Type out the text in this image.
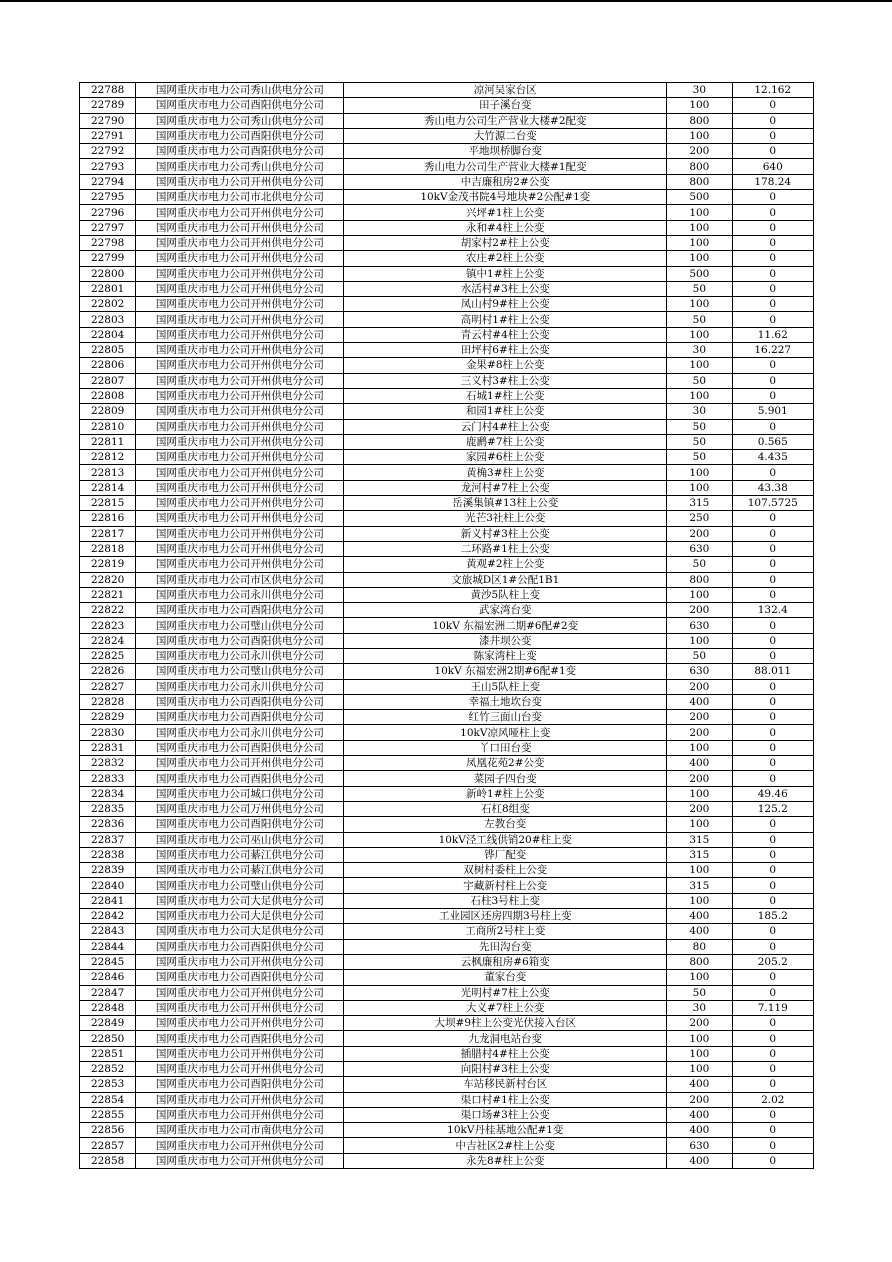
22788	国网重庆市电力公司秀山供电分公司	凉河吴家台区	30	12.162
22789	国网重庆市电力公司酉阳供电分公司	田子溪台变	100	0
22790	国网重庆市电力公司秀山供电分公司	秀山电力公司生产营业大楼#2配变	800	0
22791	国网重庆市电力公司酉阳供电分公司	大竹源二台变	100	0
22792	国网重庆市电力公司酉阳供电分公司	平地坝桥脚台变	200	0
22793	国网重庆市电力公司秀山供电分公司	秀山电力公司生产营业大楼#1配变	800	640
22794	国网重庆市电力公司开州供电分公司	中吉廉租房2#公变	800	178.24
22795	国网重庆市电力公司市北供电分公司	10kV金茂书院4号地块#2公配#1变	500	0
22796	国网重庆市电力公司开州供电分公司	兴坪#1柱上公变	100	0
22797	国网重庆市电力公司开州供电分公司	永和#4柱上公变	100	0
22798	国网重庆市电力公司开州供电分公司	胡家村2#柱上公变	100	0
22799	国网重庆市电力公司开州供电分公司	农庄#2柱上公变	100	0
22800	国网重庆市电力公司开州供电分公司	镇中1#柱上公变	500	0
22801	国网重庆市电力公司开州供电分公司	水活村#3柱上公变	50	0
22802	国网重庆市电力公司开州供电分公司	凤山村9#柱上公变	100	0
22803	国网重庆市电力公司开州供电分公司	高明村1#柱上公变	50	0
22804	国网重庆市电力公司开州供电分公司	青云村#4柱上公变	100	11.62
22805	国网重庆市电力公司开州供电分公司	田坪村6#柱上公变	30	16.227
22806	国网重庆市电力公司开州供电分公司	金果#8柱上公变	100	0
22807	国网重庆市电力公司开州供电分公司	三义村3#柱上公变	50	0
22808	国网重庆市电力公司开州供电分公司	石城1#柱上公变	100	0
22809	国网重庆市电力公司开州供电分公司	和园1#柱上公变	30	5.901
22810	国网重庆市电力公司开州供电分公司	云门村4#柱上公变	50	0
22811	国网重庆市电力公司开州供电分公司	鹿䴘#7柱上公变	50	0.565
22812	国网重庆市电力公司开州供电分公司	家园#6柱上公变	50	4.435
22813	国网重庆市电力公司开州供电分公司	黄桷3#柱上公变	100	0
22814	国网重庆市电力公司开州供电分公司	龙河村#7柱上公变	100	43.38
22815	国网重庆市电力公司开州供电分公司	岳溪集镇#13柱上公变	315	107.5725
22816	国网重庆市电力公司开州供电分公司	光芒3社柱上公变	250	0
22817	国网重庆市电力公司开州供电分公司	新义村#3柱上公变	200	0
22818	国网重庆市电力公司开州供电分公司	二环路#1柱上公变	630	0
22819	国网重庆市电力公司开州供电分公司	黄观#2柱上公变	50	0
22820	国网重庆市电力公司市区供电分公司	文旅城D区1#公配1B1	800	0
22821	国网重庆市电力公司永川供电分公司	黄沙5队柱上变	100	0
22822	国网重庆市电力公司酉阳供电分公司	武家湾台变	200	132.4
22823	国网重庆市电力公司璧山供电分公司	10kV 东福宏洲二期#6配#2变	630	0
22824	国网重庆市电力公司酉阳供电分公司	漆井坝公变	100	0
22825	国网重庆市电力公司永川供电分公司	陈家湾柱上变	50	0
22826	国网重庆市电力公司璧山供电分公司	10kV 东福宏洲2期#6配#1变	630	88.011
22827	国网重庆市电力公司永川供电分公司	王山5队柱上变	200	0
22828	国网重庆市电力公司酉阳供电分公司	幸福土地坎台变	400	0
22829	国网重庆市电力公司酉阳供电分公司	红竹三面山台变	200	0
22830	国网重庆市电力公司永川供电分公司	10kV凉风哑柱上变	200	0
22831	国网重庆市电力公司酉阳供电分公司	丫口田台变	100	0
22832	国网重庆市电力公司开州供电分公司	凤凰花苑2#公变	400	0
22833	国网重庆市电力公司酉阳供电分公司	菜园子四台变	200	0
22834	国网重庆市电力公司城口供电分公司	新岭1#柱上公变	100	49.46
22835	国网重庆市电力公司万州供电分公司	石杠8组变	200	125.2
22836	国网重庆市电力公司酉阳供电分公司	左教台变	100	0
22837	国网重庆市电力公司巫山供电分公司	10kV泾工线供销20#柱上变	315	0
22838	国网重庆市电力公司綦江供电分公司	铧厂配变	315	0
22839	国网重庆市电力公司綦江供电分公司	双树村委柱上公变	100	0
22840	国网重庆市电力公司璧山供电分公司	宇藏新村柱上公变	315	0
22841	国网重庆市电力公司大足供电分公司	石柱3号柱上变	100	0
22842	国网重庆市电力公司大足供电分公司	工业园区还房四期3号柱上变	400	185.2
22843	国网重庆市电力公司大足供电分公司	工商所2号柱上变	400	0
22844	国网重庆市电力公司酉阳供电分公司	先田沟台变	80	0
22845	国网重庆市电力公司开州供电分公司	云枫廉租房#6箱变	800	205.2
22846	国网重庆市电力公司酉阳供电分公司	董家台变	100	0
22847	国网重庆市电力公司开州供电分公司	光明村#7柱上公变	50	0
22848	国网重庆市电力公司开州供电分公司	大义#7柱上公变	30	7.119
22849	国网重庆市电力公司开州供电分公司	大坝#9柱上公变光伏接入台区	200	0
22850	国网重庆市电力公司酉阳供电分公司	九龙洞电站台变	100	0
22851	国网重庆市电力公司开州供电分公司	插腊村4#柱上公变	100	0
22852	国网重庆市电力公司开州供电分公司	向阳村#3柱上公变	100	0
22853	国网重庆市电力公司酉阳供电分公司	车站移民新村台区	400	0
22854	国网重庆市电力公司开州供电分公司	渠口村#1柱上公变	200	2.02
22855	国网重庆市电力公司开州供电分公司	渠口场#3柱上公变	400	0
22856	国网重庆市电力公司市南供电分公司	10kV丹桂基地公配#1变	400	0
22857	国网重庆市电力公司开州供电分公司	中吉社区2#柱上公变	630	0
22858	国网重庆市电力公司开州供电分公司	永先8#柱上公变	400	0
